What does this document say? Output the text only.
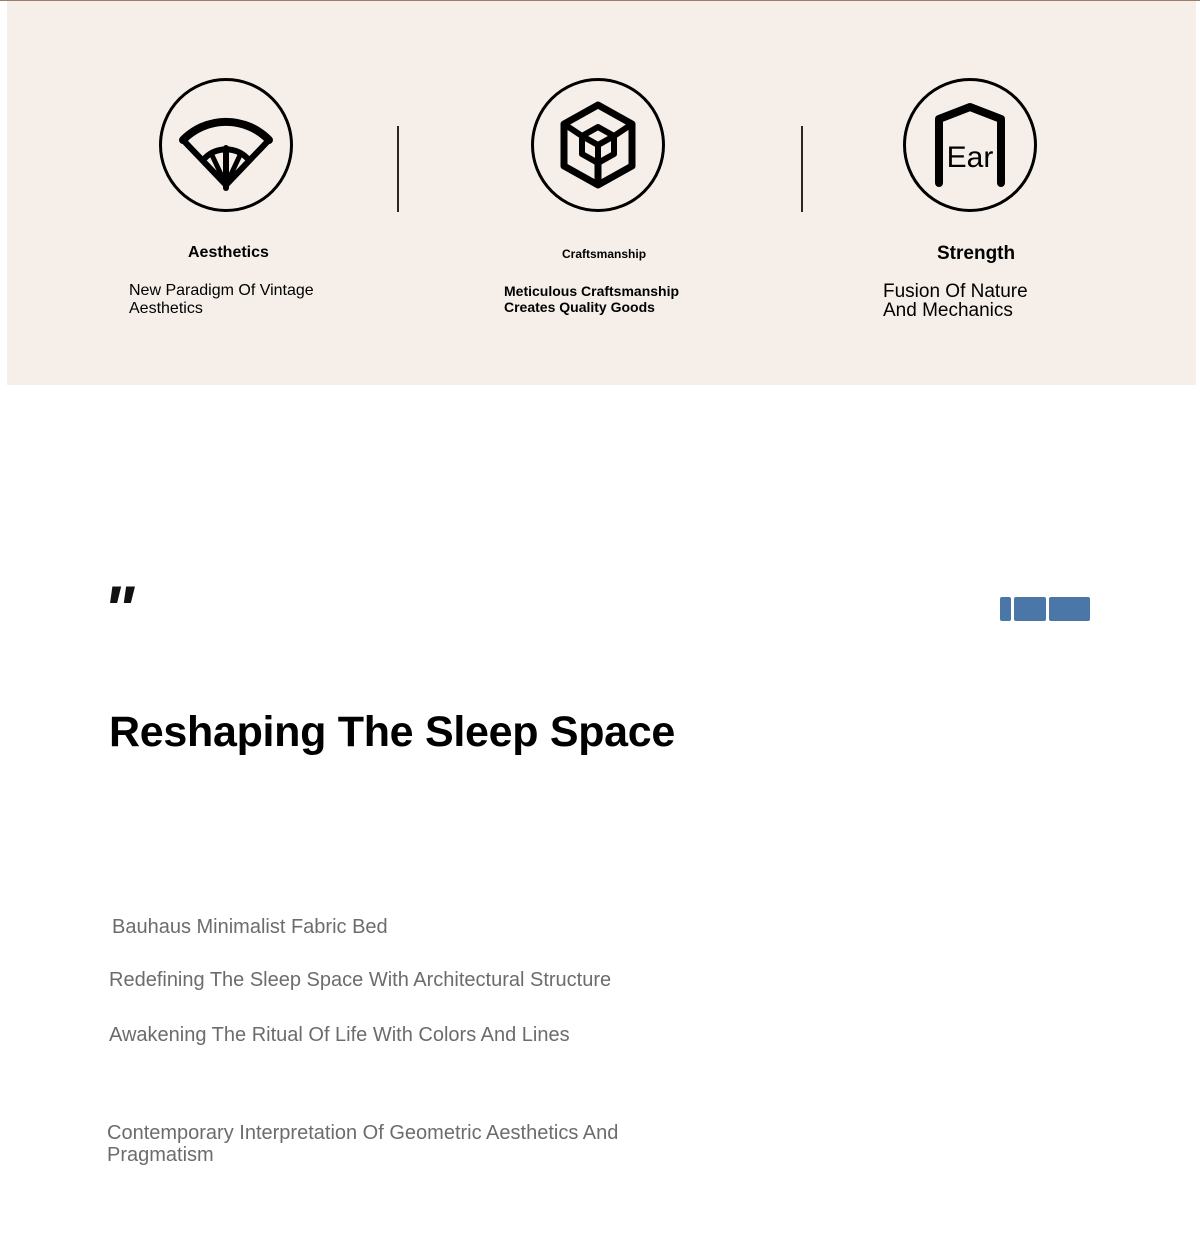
Aesthetics
New Paradigm Of Vintage Aesthetics
Craftsmanship
Meticulous Craftsmanship Creates Quality Goods
Ear
Strength
Fusion Of Nature And Mechanics
"
Reshaping The Sleep Space
Bauhaus Minimalist Fabric Bed
Redefining The Sleep Space With Architectural Structure
Awakening The Ritual Of Life With Colors And Lines
Contemporary Interpretation Of Geometric Aesthetics And Pragmatism
